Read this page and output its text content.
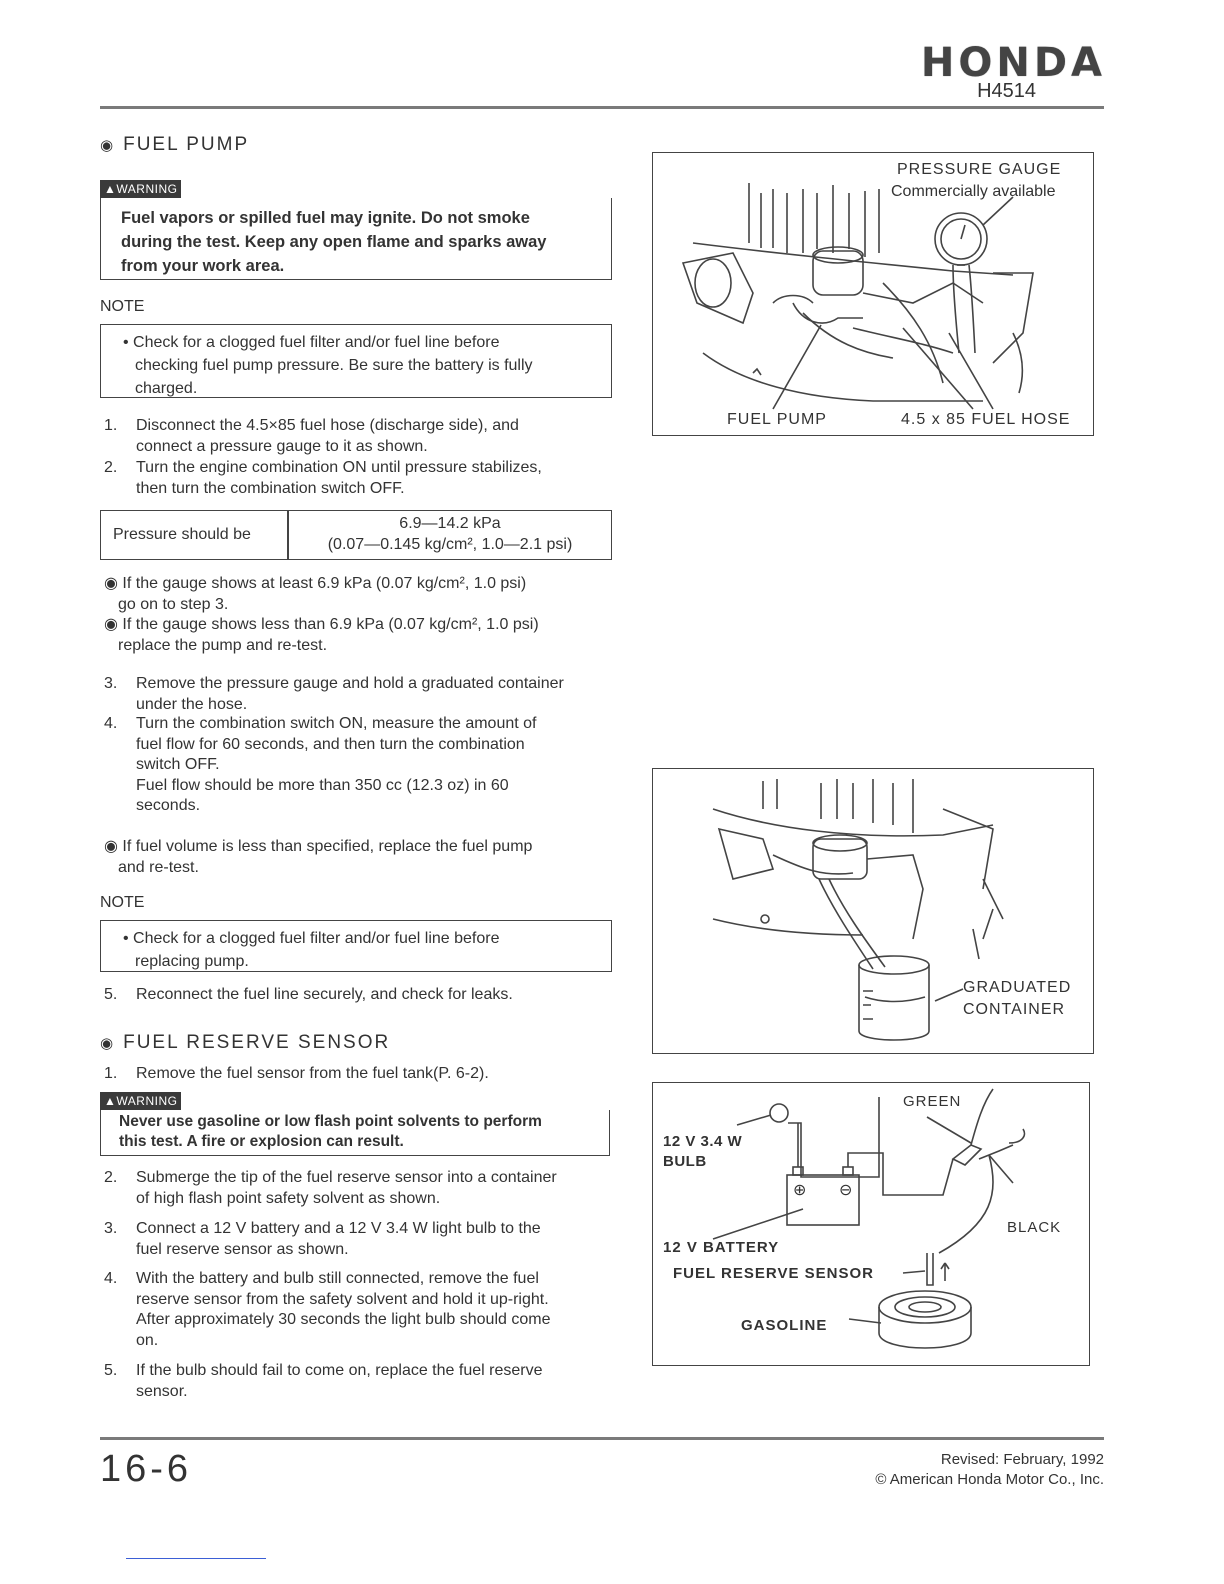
HONDA
H4514
◉ FUEL PUMP
▲WARNING
Fuel vapors or spilled fuel may ignite. Do not smoke
during the test. Keep any open flame and sparks away
from your work area.
NOTE
• Check for a clogged fuel filter and/or fuel line before
checking fuel pump pressure. Be sure the battery is fully
charged.
1. Disconnect the 4.5×85 fuel hose (discharge side), and
connect a pressure gauge to it as shown.
2. Turn the engine combination ON until pressure stabilizes,
then turn the combination switch OFF.
Pressure should be
6.9—14.2 kPa
(0.07—0.145 kg/cm², 1.0—2.1 psi)
◉ If the gauge shows at least 6.9 kPa (0.07 kg/cm², 1.0 psi)
go on to step 3.
◉ If the gauge shows less than 6.9 kPa (0.07 kg/cm², 1.0 psi)
replace the pump and re-test.
3. Remove the pressure gauge and hold a graduated container
under the hose.
4. Turn the combination switch ON, measure the amount of
fuel flow for 60 seconds, and then turn the combination
switch OFF.
Fuel flow should be more than 350 cc (12.3 oz) in 60
seconds.
◉ If fuel volume is less than specified, replace the fuel pump
and re-test.
NOTE
• Check for a clogged fuel filter and/or fuel line before
replacing pump.
5. Reconnect the fuel line securely, and check for leaks.
◉ FUEL RESERVE SENSOR
1. Remove the fuel sensor from the fuel tank(P. 6-2).
▲WARNING
Never use gasoline or low flash point solvents to perform
this test. A fire or explosion can result.
2. Submerge the tip of the fuel reserve sensor into a container
of high flash point safety solvent as shown.
3. Connect a 12 V battery and a 12 V 3.4 W light bulb to the
fuel reserve sensor as shown.
4. With the battery and bulb still connected, remove the fuel
reserve sensor from the safety solvent and hold it up-right.
After approximately 30 seconds the light bulb should come
on.
5. If the bulb should fail to come on, replace the fuel reserve
sensor.
PRESSURE GAUGE
Commercially available
FUEL PUMP	4.5 x 85 FUEL HOSE
GRADUATED
CONTAINER
GREEN
12 V 3.4 W
BULB
⊕ ⊖
BLACK
12 V BATTERY
FUEL RESERVE SENSOR
GASOLINE
16-6	Revised: February, 1992
© American Honda Motor Co., Inc.
